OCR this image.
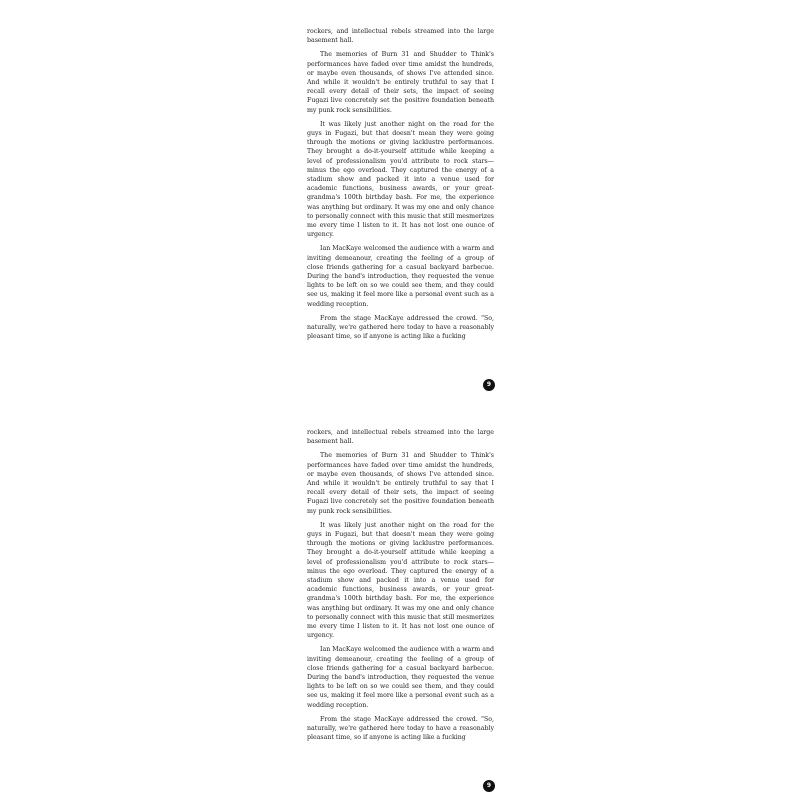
rockers, and intellectual rebels streamed into the large basement hall.

The memories of Burn 31 and Shudder to Think's performances have faded over time amidst the hundreds, or maybe even thousands, of shows I've attended since. And while it wouldn't be entirely truthful to say that I recall every detail of their sets, the impact of seeing Fugazi live concretely set the positive foundation beneath my punk rock sensibilities.

It was likely just another night on the road for the guys in Fugazi, but that doesn't mean they were going through the motions or giving lacklustre performances. They brought a do-it-yourself attitude while keeping a level of professionalism you'd attribute to rock stars—minus the ego overload. They captured the energy of a stadium show and packed it into a venue used for academic functions, business awards, or your great-grandma's 100th birthday bash. For me, the experience was anything but ordinary. It was my one and only chance to personally connect with this music that still mesmerizes me every time I listen to it. It has not lost one ounce of urgency.

Ian MacKaye welcomed the audience with a warm and inviting demeanour, creating the feeling of a group of close friends gathering for a casual backyard barbecue. During the band's introduction, they requested the venue lights to be left on so we could see them, and they could see us, making it feel more like a personal event such as a wedding reception.

From the stage MacKaye addressed the crowd. "So, naturally, we're gathered here today to have a reasonably pleasant time, so if anyone is acting like a fucking

9

rockers, and intellectual rebels streamed into the large basement hall.

The memories of Burn 31 and Shudder to Think's performances have faded over time amidst the hundreds, or maybe even thousands, of shows I've attended since. And while it wouldn't be entirely truthful to say that I recall every detail of their sets, the impact of seeing Fugazi live concretely set the positive foundation beneath my punk rock sensibilities.

It was likely just another night on the road for the guys in Fugazi, but that doesn't mean they were going through the motions or giving lacklustre performances. They brought a do-it-yourself attitude while keeping a level of professionalism you'd attribute to rock stars—minus the ego overload. They captured the energy of a stadium show and packed it into a venue used for academic functions, business awards, or your great-grandma's 100th birthday bash. For me, the experience was anything but ordinary. It was my one and only chance to personally connect with this music that still mesmerizes me every time I listen to it. It has not lost one ounce of urgency.

Ian MacKaye welcomed the audience with a warm and inviting demeanour, creating the feeling of a group of close friends gathering for a casual backyard barbecue. During the band's introduction, they requested the venue lights to be left on so we could see them, and they could see us, making it feel more like a personal event such as a wedding reception.

From the stage MacKaye addressed the crowd. "So, naturally, we're gathered here today to have a reasonably pleasant time, so if anyone is acting like a fucking

9
